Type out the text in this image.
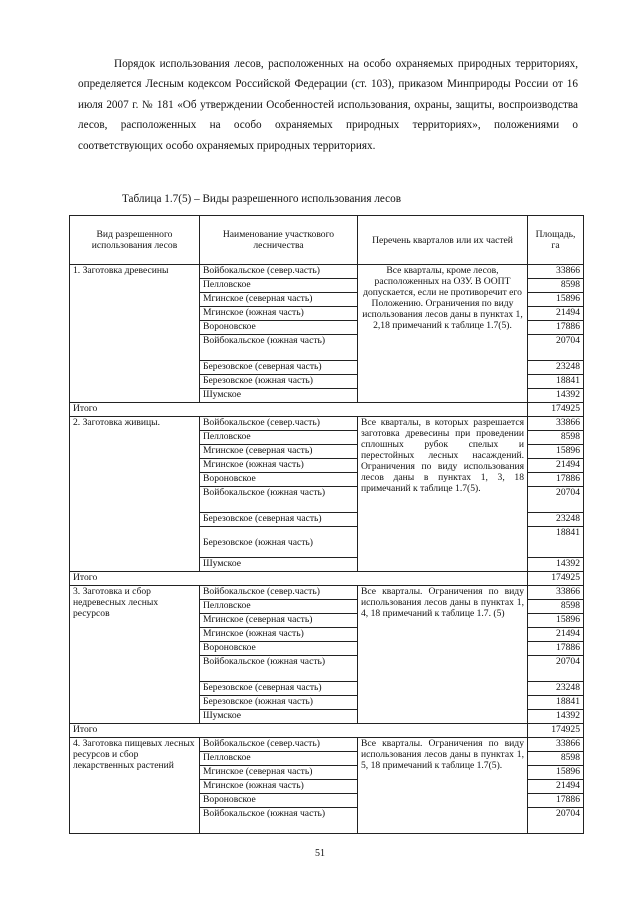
Порядок использования лесов, расположенных на особо охраняемых природных территориях, определяется Лесным кодексом Российской Федерации (ст. 103), приказом Минприроды России от 16 июля 2007 г. № 181 «Об утверждении Особенностей использования, охраны, защиты, воспроизводства лесов, расположенных на особо охраняемых природных территориях», положениями о соответствующих особо охраняемых природных территориях.

Таблица 1.7(5) – Виды разрешенного использования лесов

Вид разрешенного использования лесов	Наименование участкового лесничества	Перечень кварталов или их частей	Площадь, га
1. Заготовка древесины	Войбокальское (север.часть)	Все кварталы, кроме лесов, расположенных на ОЗУ. В ООПТ допускается, если не противоречит его Положению. Ограничения по виду использования лесов даны в пунктах 1, 2,18 примечаний к таблице 1.7(5).	33866
	Пелловское		8598
	Мгинское (северная часть)		15896
	Мгинское (южная часть)		21494
	Вороновское		17886
	Войбокальское (южная часть)		20704
	Березовское (северная часть)		23248
	Березовское (южная часть)		18841
	Шумское		14392
Итого			174925
2. Заготовка живицы.	Войбокальское (север.часть)	Все кварталы, в которых разрешается заготовка древесины при проведении сплошных рубок спелых и перестойных лесных насаждений. Ограничения по виду использования лесов даны в пунктах 1, 3, 18 примечаний к таблице 1.7(5).	33866
	Пелловское		8598
	Мгинское (северная часть)		15896
	Мгинское (южная часть)		21494
	Вороновское		17886
	Войбокальское (южная часть)		20704
	Березовское (северная часть)		23248
	Березовское (южная часть)		18841
	Шумское		14392
Итого			174925
3. Заготовка и сбор недревесных лесных ресурсов	Войбокальское (север.часть)	Все кварталы. Ограничения по виду использования лесов даны в пунктах 1, 4, 18 примечаний к таблице 1.7. (5)	33866
	Пелловское		8598
	Мгинское (северная часть)		15896
	Мгинское (южная часть)		21494
	Вороновское		17886
	Войбокальское (южная часть)		20704
	Березовское (северная часть)		23248
	Березовское (южная часть)		18841
	Шумское		14392
Итого			174925
4. Заготовка пищевых лесных ресурсов и сбор лекарственных растений	Войбокальское (север.часть)	Все кварталы. Ограничения по виду использования лесов даны в пунктах 1, 5, 18 примечаний к таблице 1.7(5).	33866
	Пелловское		8598
	Мгинское (северная часть)		15896
	Мгинское (южная часть)		21494
	Вороновское		17886
	Войбокальское (южная часть)		20704
51
